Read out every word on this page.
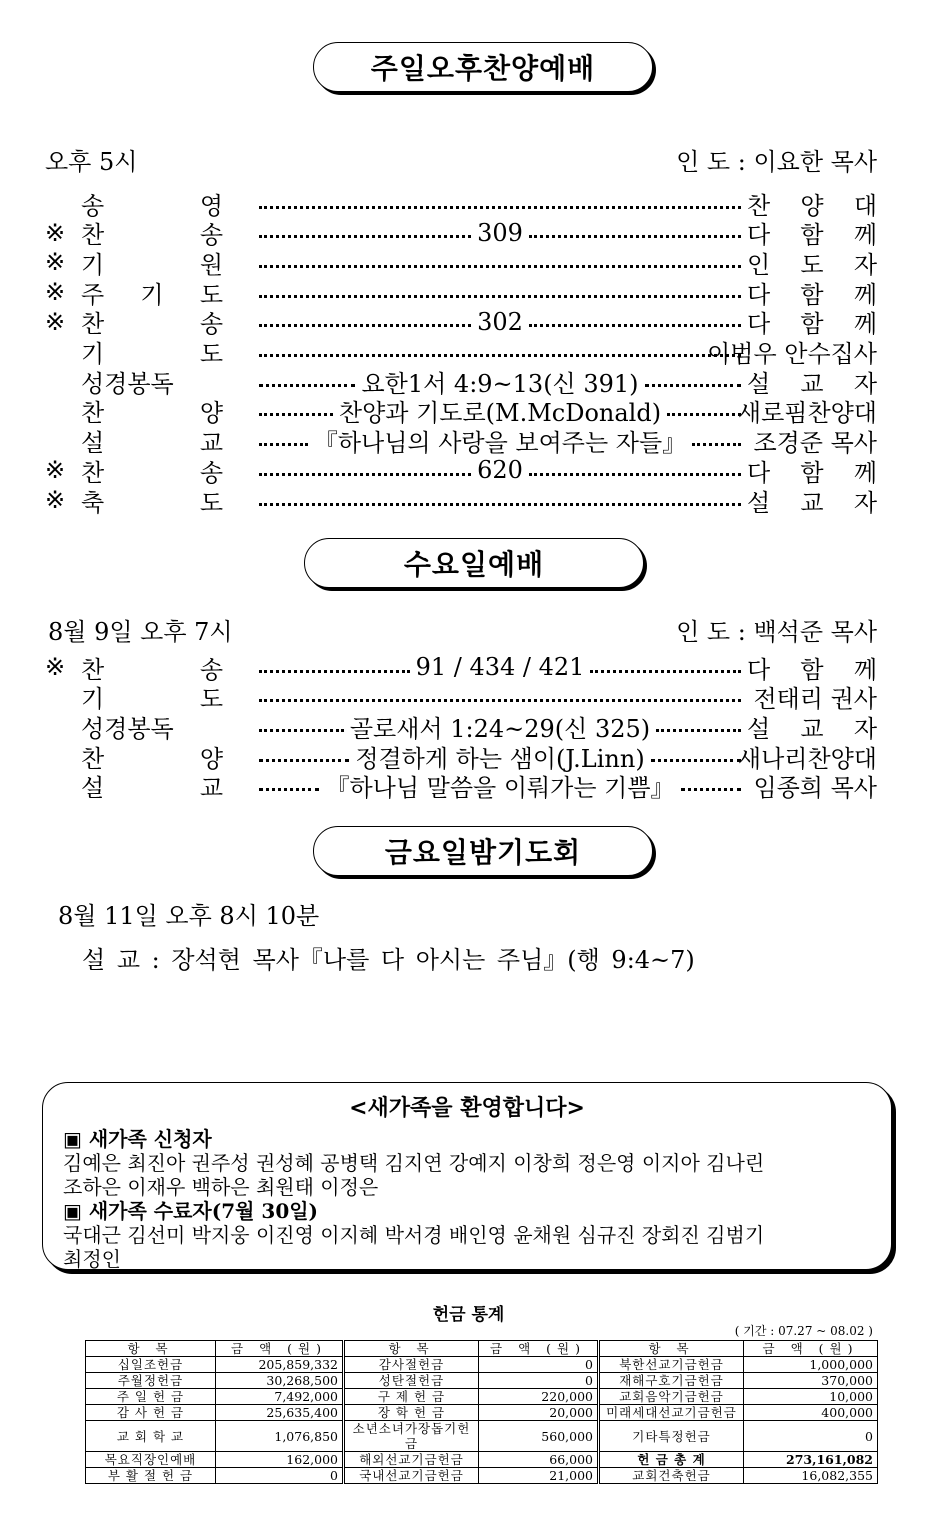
주일오후찬양예배
오후 5시	인 도 : 이요한 목사
송	영	찬 양 대
※ 찬	송	309	다 함 께
※ 기	원	인 도 자
※ 주 기 도	다 함 께
※ 찬	송	302	다 함 께
기	도	이범우 안수집사
성경봉독	요한1서 4:9~13(신 391)	설 교 자
찬	양	찬양과 기도로(M.McDonald)	새로핌찬양대
설	교	『하나님의 사랑을 보여주는 자들』	조경준 목사
※ 찬	송	620	다 함 께
※ 축	도	설 교 자
수요일예배
8월 9일 오후 7시	인 도 : 백석준 목사
※ 찬	송	91 / 434 / 421	다 함 께
기	도	전태리 권사
성경봉독	골로새서 1:24~29(신 325)	설 교 자
찬	양	정결하게 하는 샘이(J.Linn)	새나리찬양대
설	교	『하나님 말씀을 이뤄가는 기쁨』	임종희 목사
금요일밤기도회
8월 11일 오후 8시 10분
설 교 : 장석현 목사『나를 다 아시는 주님』(행 9:4~7)
<새가족을 환영합니다>
▣ 새가족 신청자
김예은 최진아 권주성 권성혜 공병택 김지연 강예지 이창희 정은영 이지아 김나린
조하은 이재우 백하은 최원태 이정은
▣ 새가족 수료자(7월 30일)
국대근 김선미 박지웅 이진영 이지혜 박서경 배인영 윤채원 심규진 장회진 김범기
최정인
헌금 통계
( 기간 : 07.27 ~ 08.02 )
항 목	금 액 (원)	항 목	금 액 (원)	항 목	금 액 (원)
십일조헌금	205,859,332	감사절헌금	0	북한선교기금헌금	1,000,000
주월정헌금	30,268,500	성탄절헌금	0	재해구호기금헌금	370,000
주 일 헌 금	7,492,000	구 제 헌 금	220,000	교회음악기금헌금	10,000
감 사 헌 금	25,635,400	장 학 헌 금	20,000	미래세대선교기금헌금	400,000
교 회 학 교	1,076,850	소년소녀가장돕기헌금	560,000	기타특정헌금	0
목요직장인예배	162,000	해외선교기금헌금	66,000	헌 금 총 계	273,161,082
부 활 절 헌 금	0	국내선교기금헌금	21,000	교회건축헌금	16,082,355
